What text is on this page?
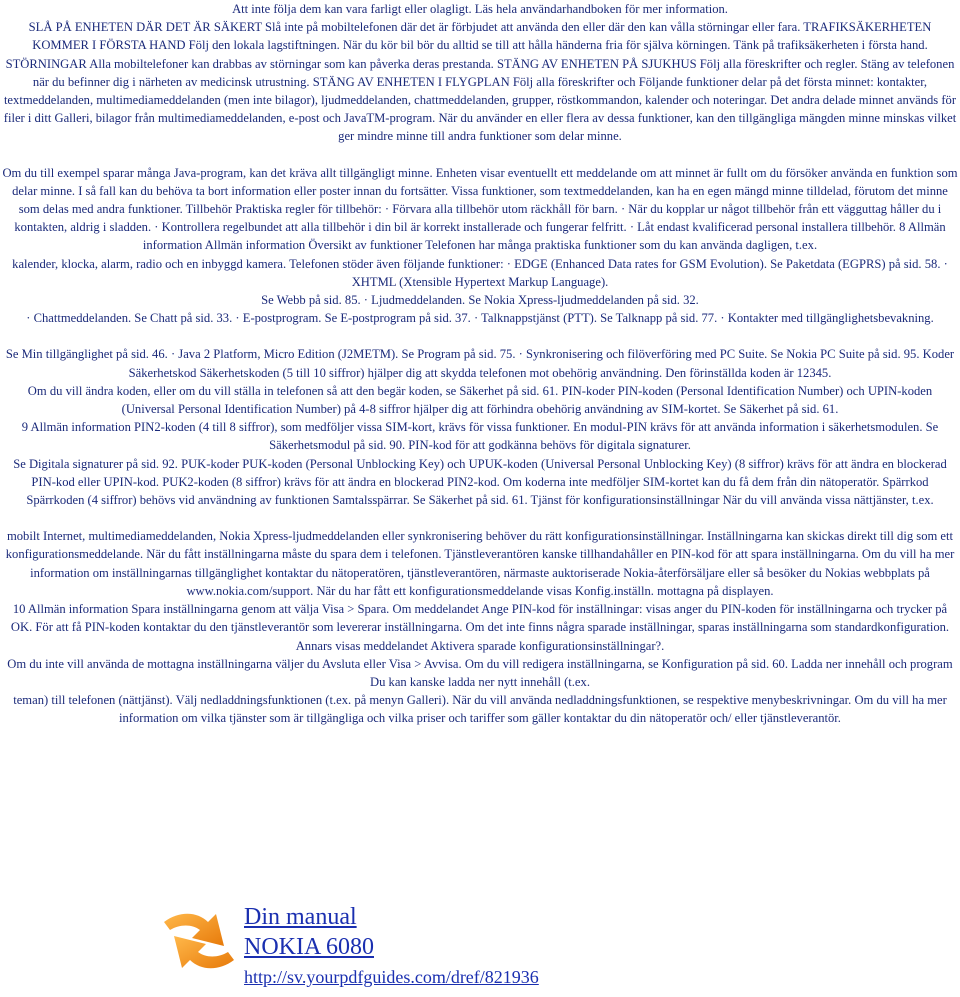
Att inte följa dem kan vara farligt eller olagligt. Läs hela användarhandboken för mer information.

SLÅ PÅ ENHETEN DÄR DET ÄR SÄKERT Slå inte på mobiltelefonen där det är förbjudet att använda den eller där den kan vålla störningar eller fara. TRAFIKSÄKERHETEN KOMMER I FÖRSTA HAND Följ den lokala lagstiftningen. När du kör bil bör du alltid se till att hålla händerna fria för själva körningen. Tänk på trafiksäkerheten i första hand. STÖRNINGAR Alla mobiltelefoner kan drabbas av störningar som kan påverka deras prestanda. STÄNG AV ENHETEN PÅ SJUKHUS Följ alla föreskrifter och regler. Stäng av telefonen när du befinner dig i närheten av medicinsk utrustning. STÄNG AV ENHETEN I FLYGPLAN Följ alla föreskrifter och Följande funktioner delar på det första minnet: kontakter, textmeddelanden, multimediameddelanden (men inte bilagor), ljudmeddelanden, chattmeddelanden, grupper, röstkommandon, kalender och noteringar. Det andra delade minnet används för filer i ditt Galleri, bilagor från multimediameddelanden, e-post och JavaTM-program. När du använder en eller flera av dessa funktioner, kan den tillgängliga mängden minne minskas vilket ger mindre minne till andra funktioner som delar minne.

Om du till exempel sparar många Java-program, kan det kräva allt tillgängligt minne. Enheten visar eventuellt ett meddelande om att minnet är fullt om du försöker använda en funktion som delar minne. I så fall kan du behöva ta bort information eller poster innan du fortsätter. Vissa funktioner, som textmeddelanden, kan ha en egen mängd minne tilldelad, förutom det minne som delas med andra funktioner. Tillbehör Praktiska regler för tillbehör: · Förvara alla tillbehör utom räckhåll för barn. · När du kopplar ur något tillbehör från ett vägguttag håller du i kontakten, aldrig i sladden. · Kontrollera regelbundet att alla tillbehör i din bil är korrekt installerade och fungerar felfritt. · Låt endast kvalificerad personal installera tillbehör. 8 Allmän information Allmän information Översikt av funktioner Telefonen har många praktiska funktioner som du kan använda dagligen, t.ex.

kalender, klocka, alarm, radio och en inbyggd kamera. Telefonen stöder även följande funktioner: · EDGE (Enhanced Data rates for GSM Evolution). Se Paketdata (EGPRS) på sid. 58. · XHTML (Xtensible Hypertext Markup Language).

Se Webb på sid. 85. · Ljudmeddelanden. Se Nokia Xpress-ljudmeddelanden på sid. 32.

· Chattmeddelanden. Se Chatt på sid. 33. · E-postprogram. Se E-postprogram på sid. 37. · Talknappstjänst (PTT). Se Talknapp på sid. 77. · Kontakter med tillgänglighetsbevakning.

Se Min tillgänglighet på sid. 46. · Java 2 Platform, Micro Edition (J2METM). Se Program på sid. 75. · Synkronisering och filöverföring med PC Suite. Se Nokia PC Suite på sid. 95. Koder Säkerhetskod Säkerhetskoden (5 till 10 siffror) hjälper dig att skydda telefonen mot obehörig användning. Den förinställda koden är 12345.

Om du vill ändra koden, eller om du vill ställa in telefonen så att den begär koden, se Säkerhet på sid. 61. PIN-koder PIN-koden (Personal Identification Number) och UPIN-koden (Universal Personal Identification Number) på 4-8 siffror hjälper dig att förhindra obehörig användning av SIM-kortet. Se Säkerhet på sid. 61.

9 Allmän information PIN2-koden (4 till 8 siffror), som medföljer vissa SIM-kort, krävs för vissa funktioner. En modul-PIN krävs för att använda information i säkerhetsmodulen. Se Säkerhetsmodul på sid. 90. PIN-kod för att godkänna behövs för digitala signaturer.

Se Digitala signaturer på sid. 92. PUK-koder PUK-koden (Personal Unblocking Key) och UPUK-koden (Universal Personal Unblocking Key) (8 siffror) krävs för att ändra en blockerad PIN-kod eller UPIN-kod. PUK2-koden (8 siffror) krävs för att ändra en blockerad PIN2-kod. Om koderna inte medföljer SIM-kortet kan du få dem från din nätoperatör. Spärrkod Spärrkoden (4 siffror) behövs vid användning av funktionen Samtalsspärrar. Se Säkerhet på sid. 61. Tjänst för konfigurationsinställningar När du vill använda vissa nättjänster, t.ex.

mobilt Internet, multimediameddelanden, Nokia Xpress-ljudmeddelanden eller synkronisering behöver du rätt konfigurationsinställningar. Inställningarna kan skickas direkt till dig som ett konfigurationsmeddelande. När du fått inställningarna måste du spara dem i telefonen. Tjänstleverantören kanske tillhandahåller en PIN-kod för att spara inställningarna. Om du vill ha mer information om inställningarnas tillgänglighet kontaktar du nätoperatören, tjänstleverantören, närmaste auktoriserade Nokia-återförsäljare eller så besöker du Nokias webbplats på www.nokia.com/support. När du har fått ett konfigurationsmeddelande visas Konfig.inställn. mottagna på displayen.

10 Allmän information Spara inställningarna genom att välja Visa > Spara. Om meddelandet Ange PIN-kod för inställningar: visas anger du PIN-koden för inställningarna och trycker på OK. För att få PIN-koden kontaktar du den tjänstleverantör som levererar inställningarna. Om det inte finns några sparade inställningar, sparas inställningarna som standardkonfiguration. Annars visas meddelandet Aktivera sparade konfigurationsinställningar?.

Om du inte vill använda de mottagna inställningarna väljer du Avsluta eller Visa > Avvisa. Om du vill redigera inställningarna, se Konfiguration på sid. 60. Ladda ner innehåll och program Du kan kanske ladda ner nytt innehåll (t.ex.

teman) till telefonen (nättjänst). Välj nedladdningsfunktionen (t.ex. på menyn Galleri). När du vill använda nedladdningsfunktionen, se respektive menybeskrivningar. Om du vill ha mer information om vilka tjänster som är tillgängliga och vilka priser och tariffer som gäller kontaktar du din nätoperatör och/ eller tjänstleverantör.

Din manual
NOKIA 6080
http://sv.yourpdfguides.com/dref/821936
